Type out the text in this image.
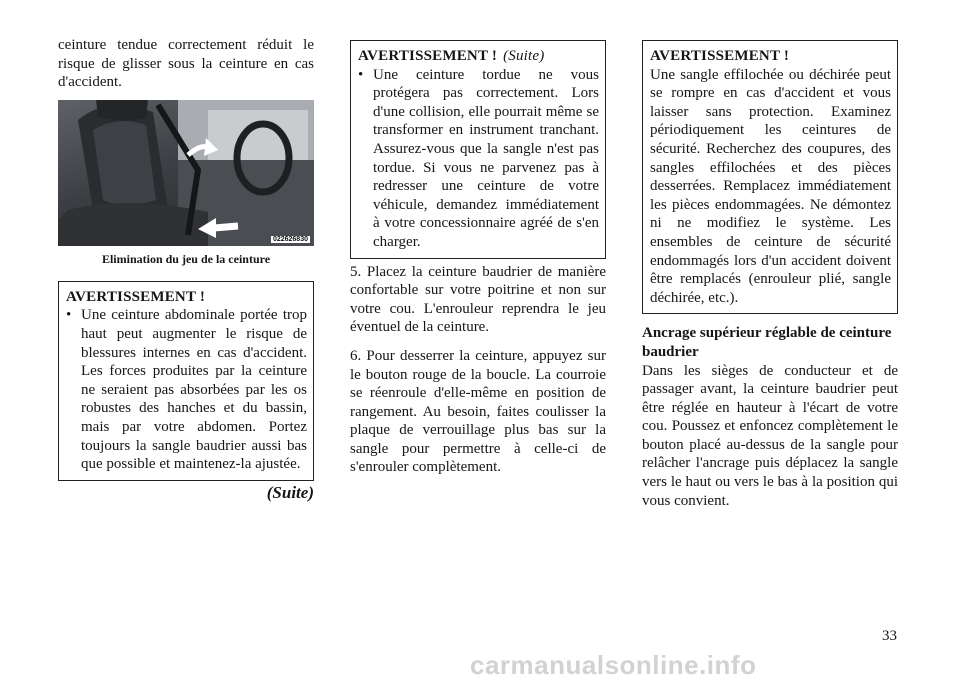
ceinture tendue correctement réduit le risque de glisser sous la ceinture en cas d'accident.

022626830
Elimination du jeu de la ceinture
AVERTISSEMENT !
• Une ceinture abdominale portée trop haut peut augmenter le risque de blessures internes en cas d'accident. Les forces produites par la ceinture ne seraient pas absorbées par les os robustes des hanches et du bassin, mais par votre abdomen. Portez toujours la sangle baudrier aussi bas que possible et maintenez-la ajustée.
(Suite)
AVERTISSEMENT ! (Suite)
• Une ceinture tordue ne vous protégera pas correctement. Lors d'une collision, elle pourrait même se transformer en instrument tranchant. Assurez-vous que la sangle n'est pas tordue. Si vous ne parvenez pas à redresser une ceinture de votre véhicule, demandez immédiatement à votre concessionnaire agréé de s'en charger.

5. Placez la ceinture baudrier de manière confortable sur votre poitrine et non sur votre cou. L'enrouleur reprendra le jeu éventuel de la ceinture.

6. Pour desserrer la ceinture, appuyez sur le bouton rouge de la boucle. La courroie se réenroule d'elle-même en position de rangement. Au besoin, faites coulisser la plaque de verrouillage plus bas sur la sangle pour permettre à celle-ci de s'enrouler complètement.

AVERTISSEMENT !
Une sangle effilochée ou déchirée peut se rompre en cas d'accident et vous laisser sans protection. Examinez périodiquement les ceintures de sécurité. Recherchez des coupures, des sangles effilochées et des pièces desserrées. Remplacez immédiatement les pièces endommagées. Ne démontez ni ne modifiez le système. Les ensembles de ceinture de sécurité endommagés lors d'un accident doivent être remplacés (enrouleur plié, sangle déchirée, etc.).
Ancrage supérieur réglable de ceinture baudrier

Dans les sièges de conducteur et de passager avant, la ceinture baudrier peut être réglée en hauteur à l'écart de votre cou. Poussez et enfoncez complètement le bouton placé au-dessus de la sangle pour relâcher l'ancrage puis déplacez la sangle vers le haut ou vers le bas à la position qui vous convient.

33
carmanualsonline.info
